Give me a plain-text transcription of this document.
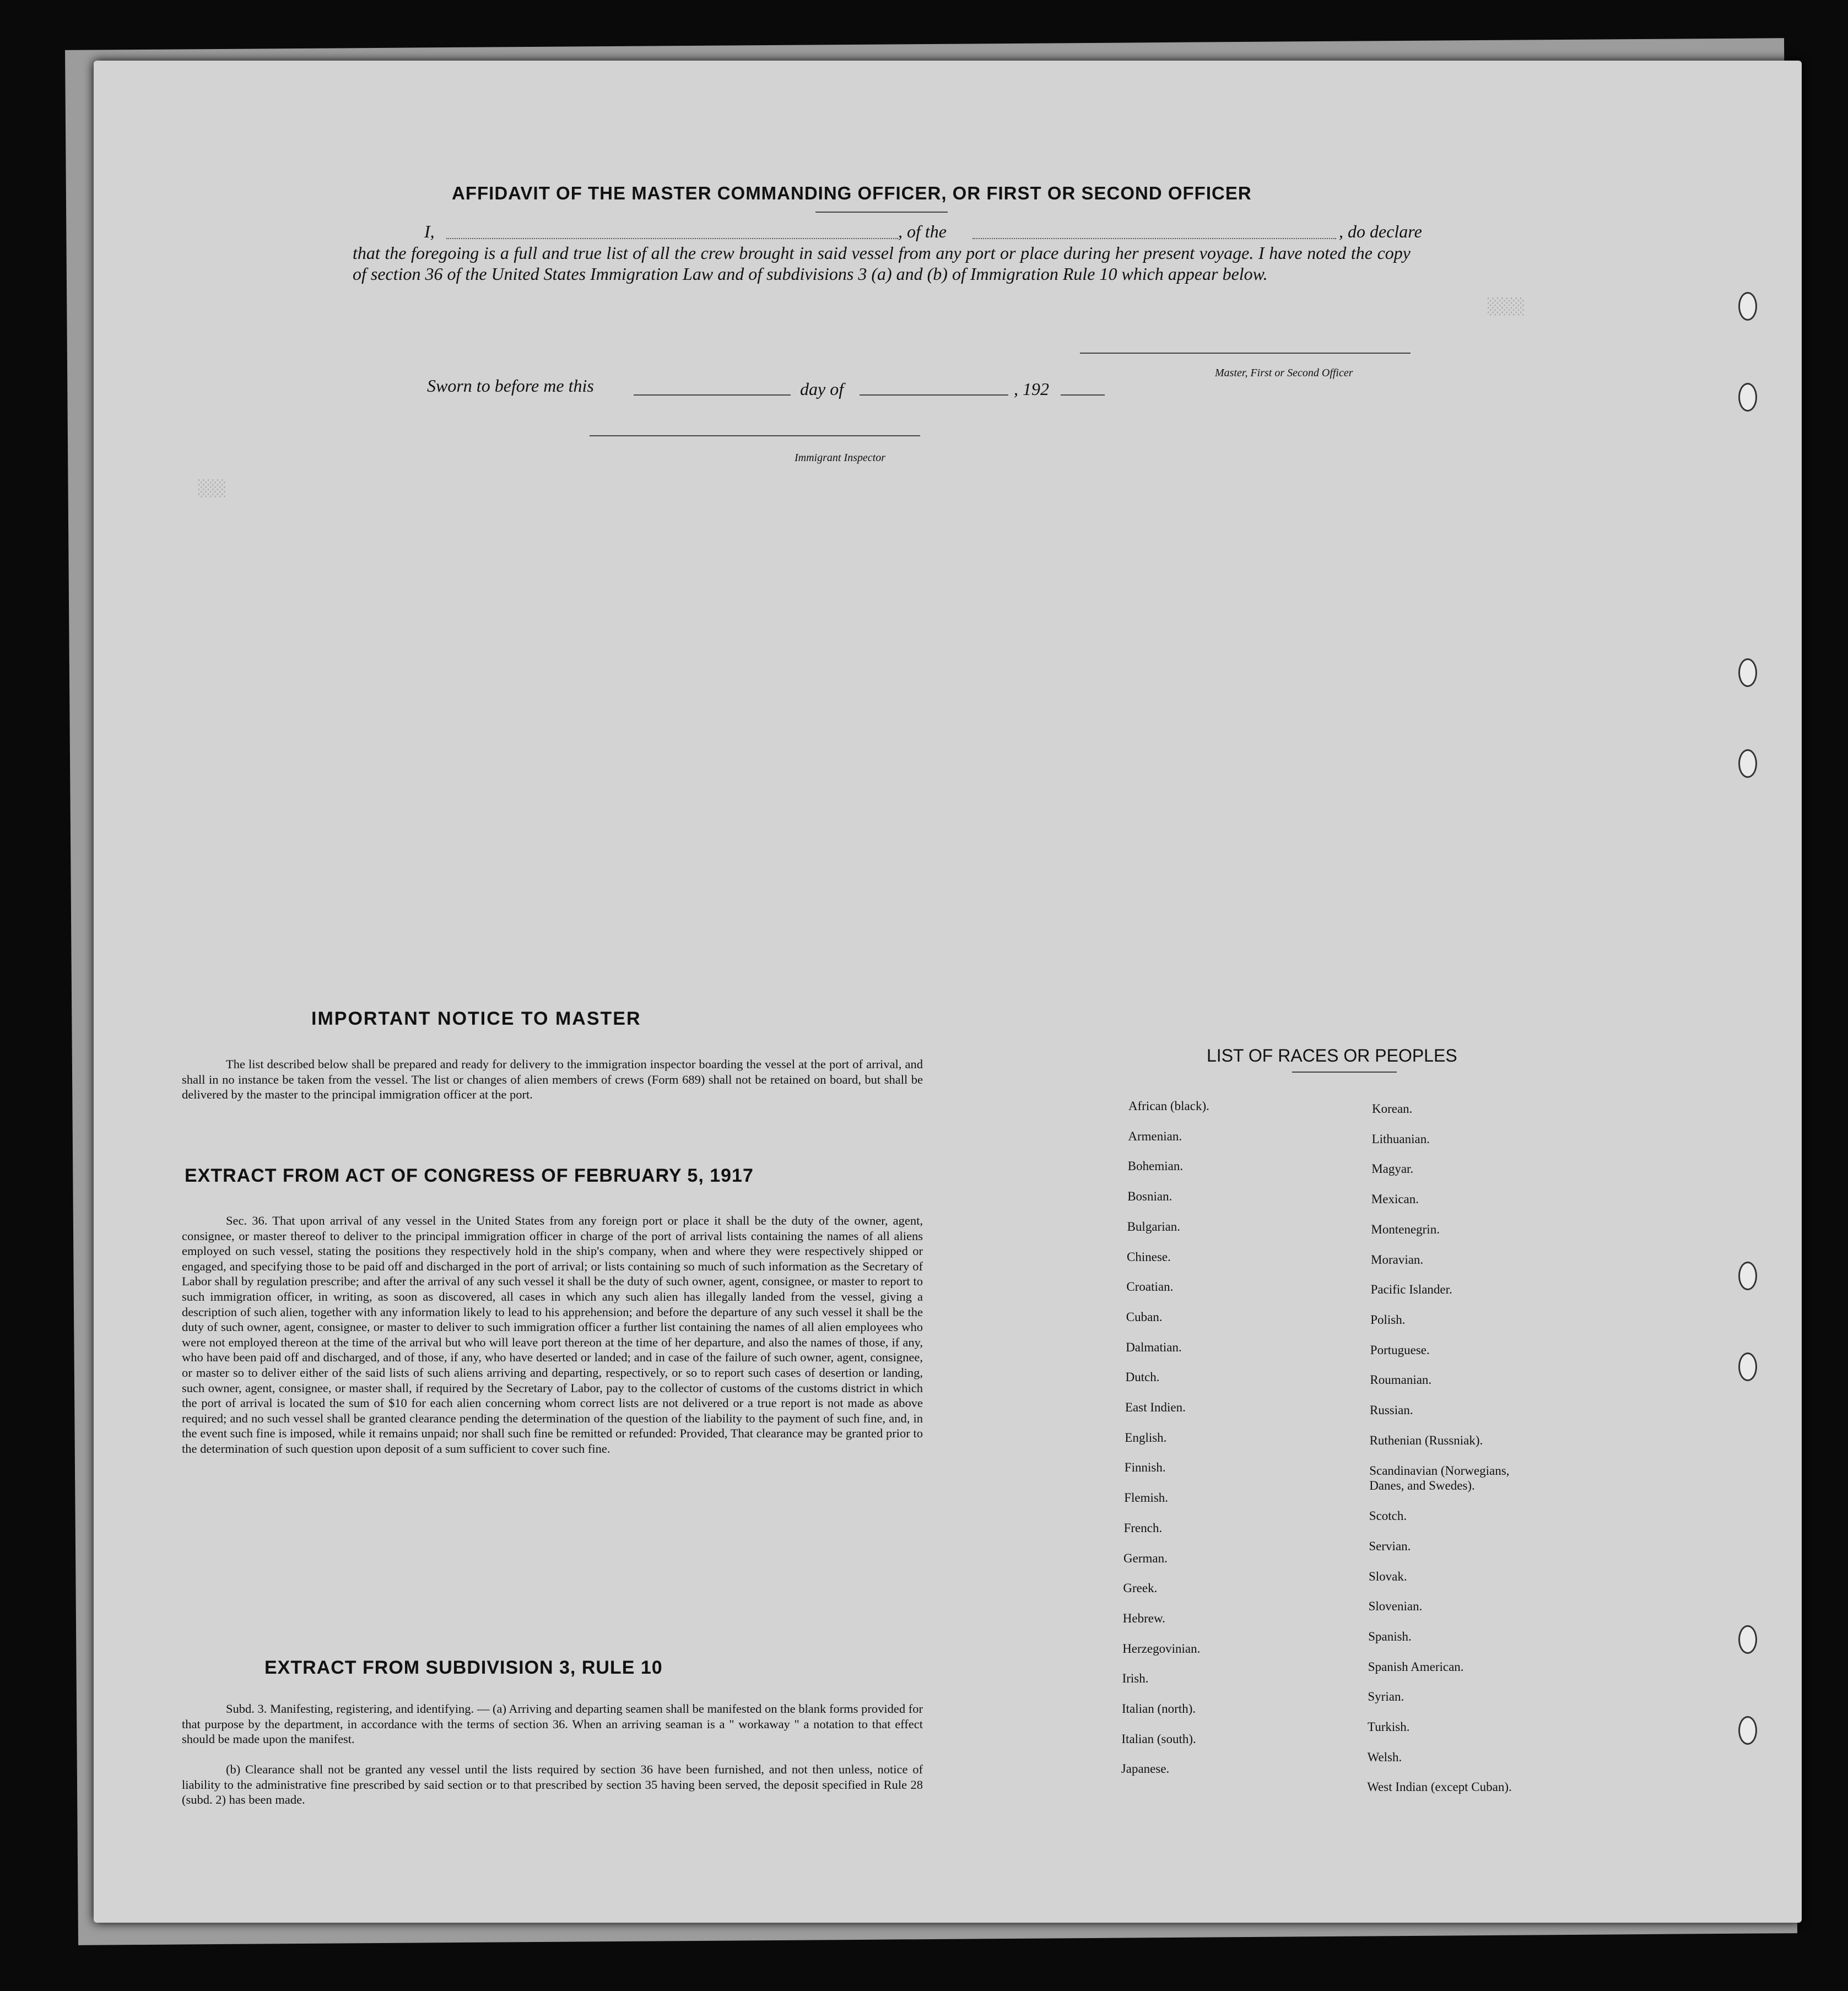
░░░░
░░░
AFFIDAVIT OF THE MASTER COMMANDING OFFICER, OR FIRST OR SECOND OFFICER
I,	, of the	, do declare
that the foregoing is a full and true list of all the crew brought in said vessel from any port or place during her present voyage. I have noted the copy of section 36 of the United States Immigration Law and of subdivisions 3 (a) and (b) of Immigration Rule 10 which appear below.
Master, First or Second Officer
Sworn to before me this	day of	, 192
Immigrant Inspector
IMPORTANT NOTICE TO MASTER
The list described below shall be prepared and ready for delivery to the immigration inspector boarding the vessel at the port of arrival, and shall in no instance be taken from the vessel. The list or changes of alien members of crews (Form 689) shall not be retained on board, but shall be delivered by the master to the principal immigration officer at the port.
EXTRACT FROM ACT OF CONGRESS OF FEBRUARY 5, 1917
Sec. 36. That upon arrival of any vessel in the United States from any foreign port or place it shall be the duty of the owner, agent, consignee, or master thereof to deliver to the principal immigration officer in charge of the port of arrival lists containing the names of all aliens employed on such vessel, stating the positions they respectively hold in the ship's company, when and where they were respectively shipped or engaged, and specifying those to be paid off and discharged in the port of arrival; or lists containing so much of such information as the Secretary of Labor shall by regulation prescribe; and after the arrival of any such vessel it shall be the duty of such owner, agent, consignee, or master to report to such immigration officer, in writing, as soon as discovered, all cases in which any such alien has illegally landed from the vessel, giving a description of such alien, together with any information likely to lead to his apprehension; and before the departure of any such vessel it shall be the duty of such owner, agent, consignee, or master to deliver to such immigration officer a further list containing the names of all alien employees who were not employed thereon at the time of the arrival but who will leave port thereon at the time of her departure, and also the names of those, if any, who have been paid off and discharged, and of those, if any, who have deserted or landed; and in case of the failure of such owner, agent, consignee, or master so to deliver either of the said lists of such aliens arriving and departing, respectively, or so to report such cases of desertion or landing, such owner, agent, consignee, or master shall, if required by the Secretary of Labor, pay to the collector of customs of the customs district in which the port of arrival is located the sum of $10 for each alien concerning whom correct lists are not delivered or a true report is not made as above required; and no such vessel shall be granted clearance pending the determination of the question of the liability to the payment of such fine, and, in the event such fine is imposed, while it remains unpaid; nor shall such fine be remitted or refunded: Provided, That clearance may be granted prior to the determination of such question upon deposit of a sum sufficient to cover such fine.
EXTRACT FROM SUBDIVISION 3, RULE 10
Subd. 3. Manifesting, registering, and identifying. — (a) Arriving and departing seamen shall be manifested on the blank forms provided for that purpose by the department, in accordance with the terms of section 36. When an arriving seaman is a " workaway " a notation to that effect should be made upon the manifest.
(b) Clearance shall not be granted any vessel until the lists required by section 36 have been furnished, and not then unless, notice of liability to the administrative fine prescribed by said section or to that prescribed by section 35 having been served, the deposit specified in Rule 28 (subd. 2) has been made.
LIST OF RACES OR PEOPLES
African (black).
Armenian.
Bohemian.
Bosnian.
Bulgarian.
Chinese.
Croatian.
Cuban.
Dalmatian.
Dutch.
East Indien.
English.
Finnish.
Flemish.
French.
German.
Greek.
Hebrew.
Herzegovinian.
Irish.
Italian (north).
Italian (south).
Japanese.
Korean.
Lithuanian.
Magyar.
Mexican.
Montenegrin.
Moravian.
Pacific Islander.
Polish.
Portuguese.
Roumanian.
Russian.
Ruthenian (Russniak).
Scandinavian (Norwegians, Danes, and Swedes).
Scotch.
Servian.
Slovak.
Slovenian.
Spanish.
Spanish American.
Syrian.
Turkish.
Welsh.
West Indian (except Cuban).
